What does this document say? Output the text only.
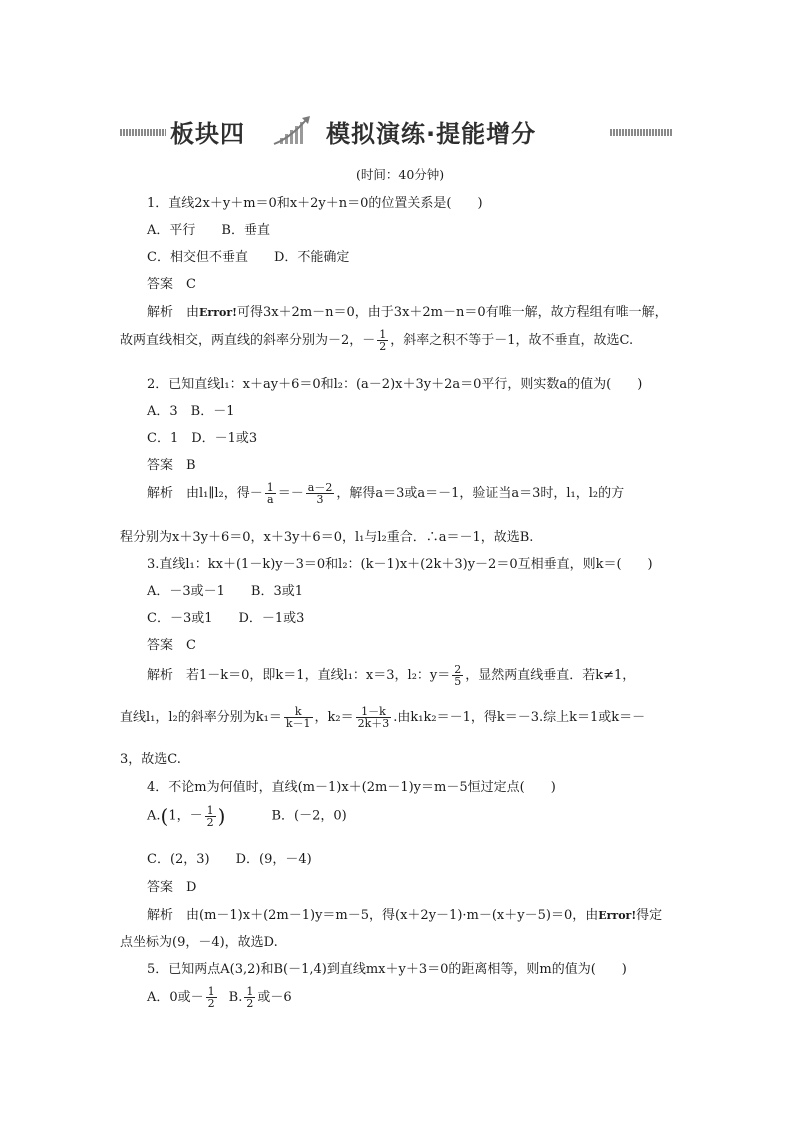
板块四	模拟演练·提能增分
(时间：40分钟)
1．直线2x＋y＋m＝0和x＋2y＋n＝0的位置关系是(　　)
A．平行　　B．垂直
C．相交但不垂直　　D．不能确定
答案　C
解析　由Error!可得3x＋2m－n＝0，由于3x＋2m－n＝0有唯一解，故方程组有唯一解，
故两直线相交，两直线的斜率分别为－2，－ $\frac{1}{2}$ ，斜率之积不等于－1，故不垂直，故选C.
2．已知直线l₁：x＋ay＋6＝0和l₂：(a－2)x＋3y＋2a＝0平行，则实数a的值为(　　)
A．3　B．－1
C．1　D．－1或3
答案　B
解析　由l₁∥l₂，得－ $\frac{1}{a} =- \frac{a-2}{3}$ ，解得a＝3或a＝－1，验证当a＝3时，l₁，l₂的方
程分别为x＋3y＋6＝0，x＋3y＋6＝0，l₁与l₂重合．∴a＝－1，故选B.
3.直线l₁：kx＋(1－k)y－3＝0和l₂：(k－1)x＋(2k＋3)y－2＝0互相垂直，则k＝(　　)
A．－3或－1　　B．3或1
C．－3或1　　D．－1或3
答案　C
解析　若1－k＝0，即k＝1，直线l₁：x＝3，l₂：$y= \frac{2}{5}$ ，显然两直线垂直．若k≠1，
直线l₁，l₂的斜率分别为$k_1= \frac{k}{k-1}$ ，$k_2= \frac{1-k}{2k+3}$ .由k₁k₂＝－1，得k＝－3.综上k＝1或k＝－
3，故选C.
4．不论m为何值时，直线(m－1)x＋(2m－1)y＝m－5恒过定点(　　)
A.(1，－ $\frac{1}{2}$ )	B．(－2，0)
C．(2，3)　　D．(9，－4)
答案　D
解析　由(m－1)x＋(2m－1)y＝m－5，得(x＋2y－1)·m－(x＋y－5)＝0，由Error!得定
点坐标为(9，－4)，故选D.
5．已知两点A(3,2)和B(－1,4)到直线mx＋y＋3＝0的距离相等，则m的值为(　　)
A．0或－ $\frac{1}{2} B$. $\frac{1}{2}$ 或－6
